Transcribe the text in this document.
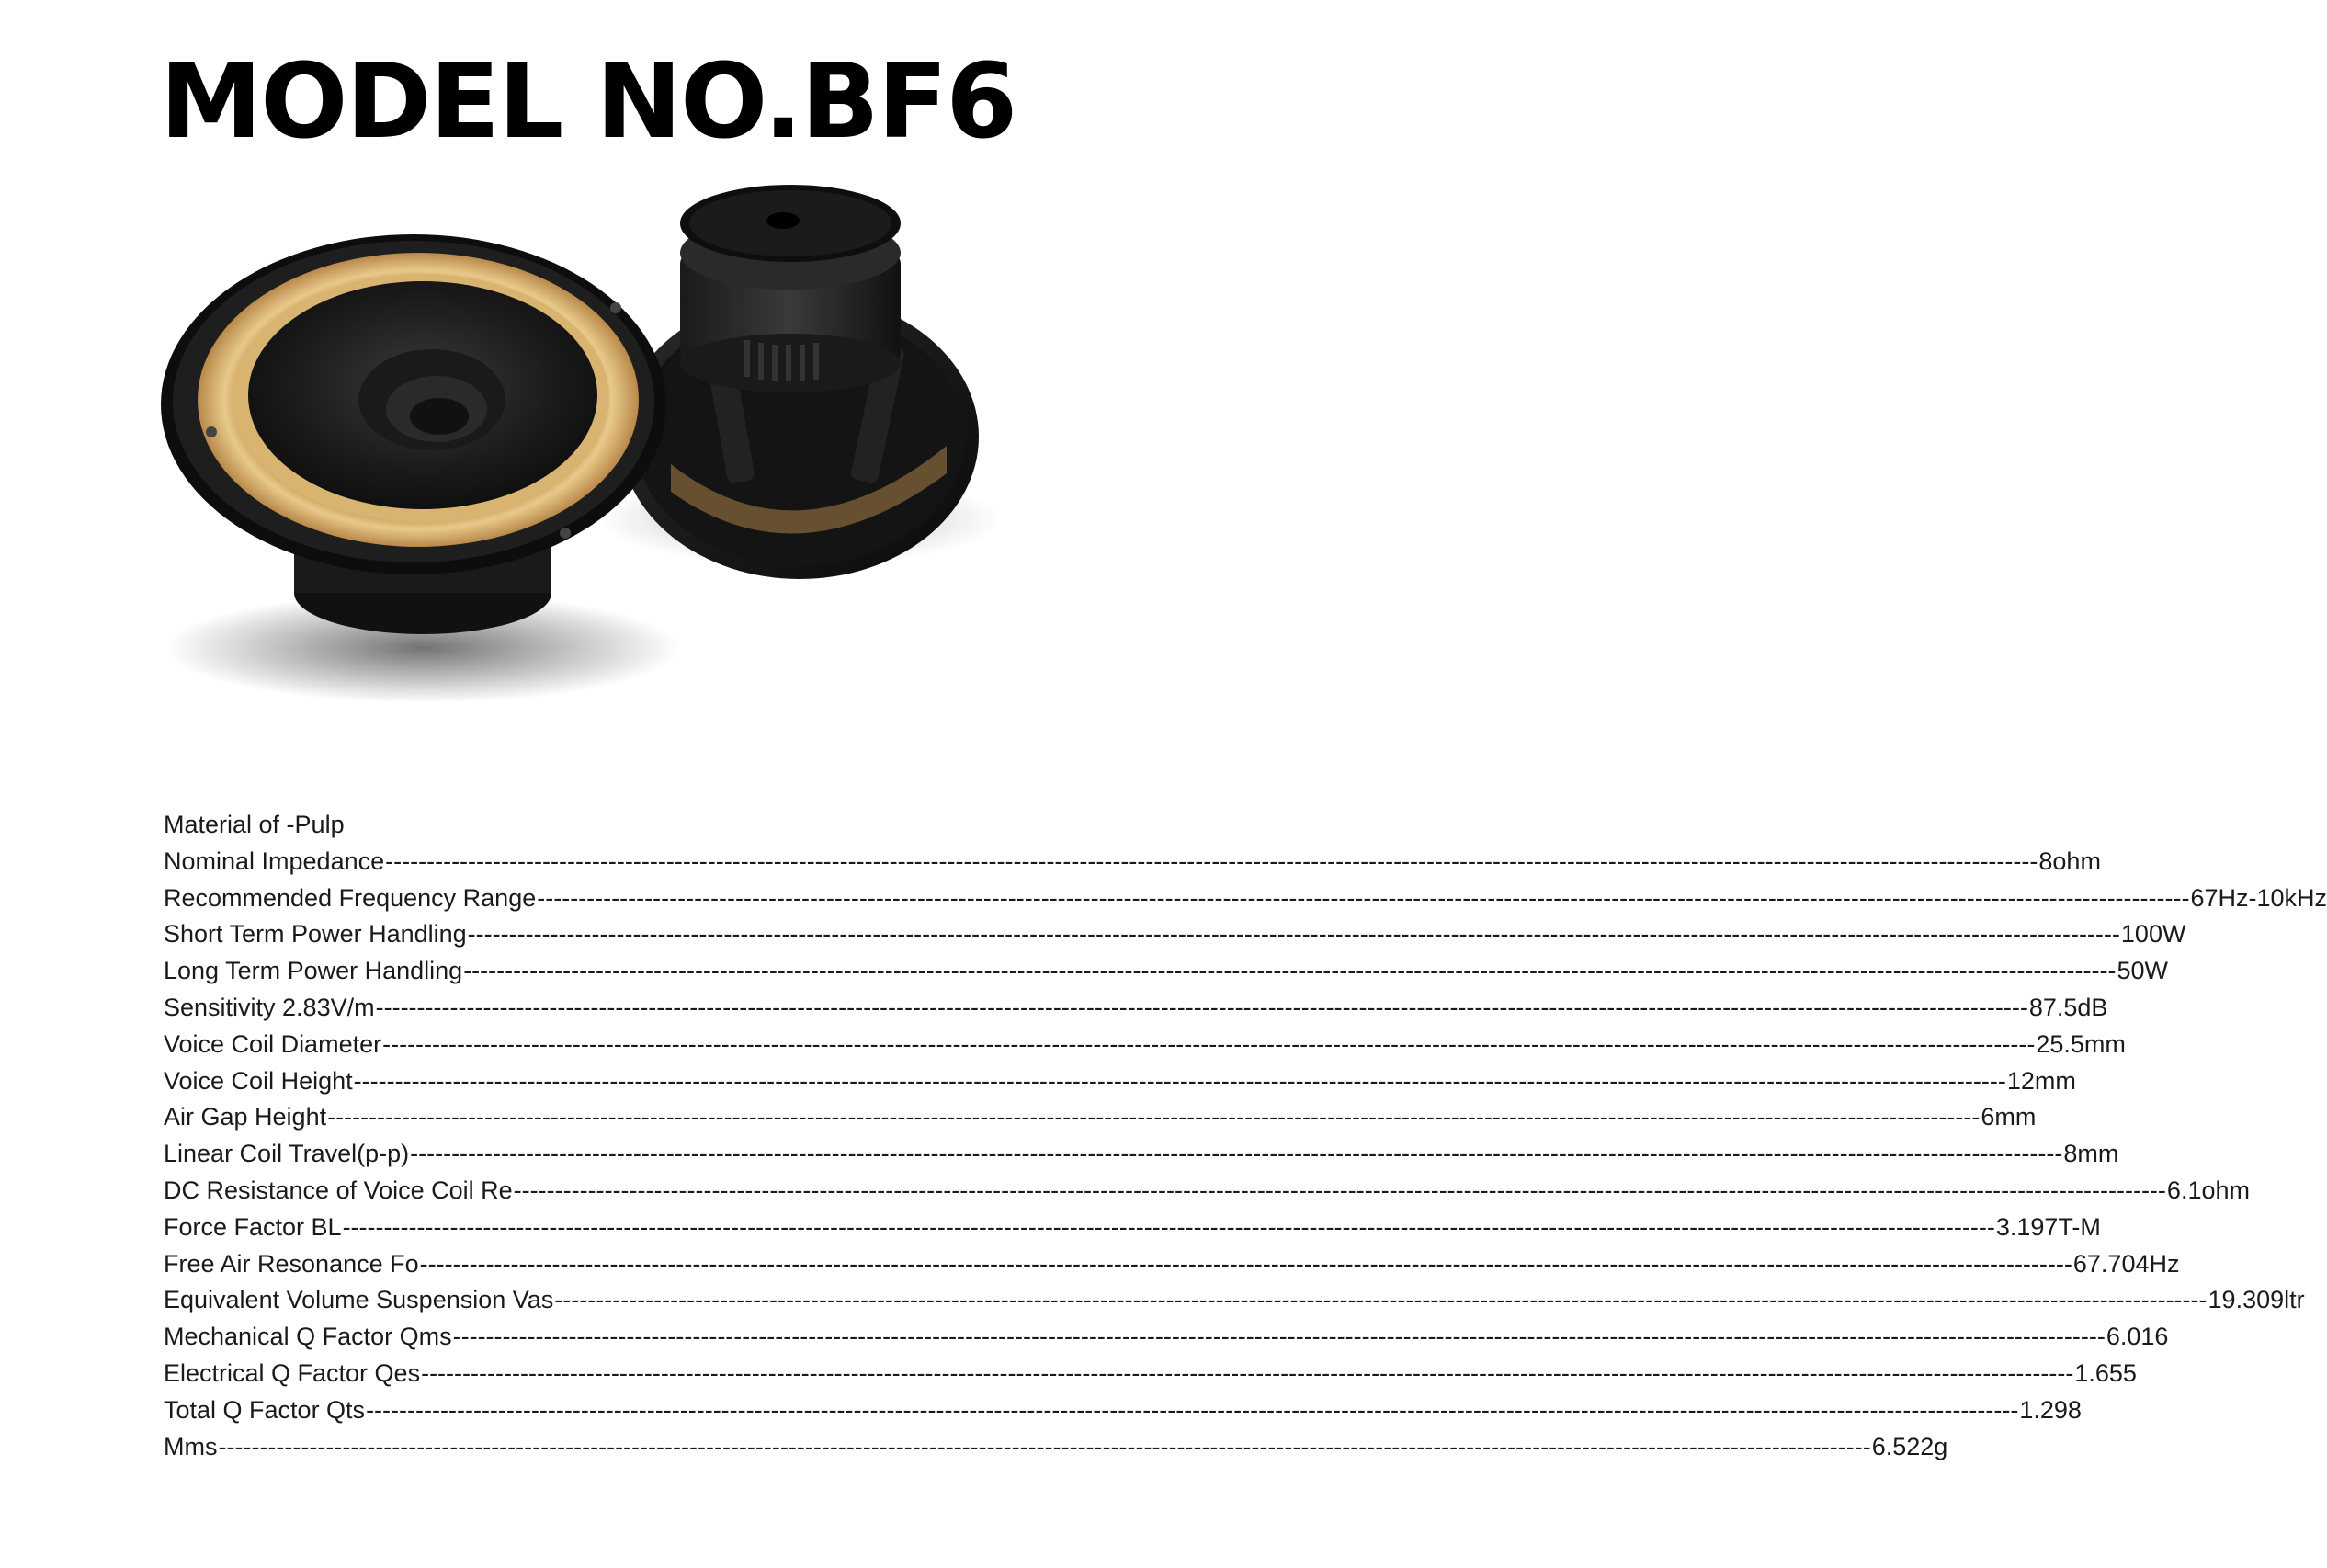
MODEL NO.BF6
Material of -Pulp
Nominal Impedance -------------------------------------------------------------------------------------------------------------------------------------------------------------------------------------------------------- 8ohm
Recommended Frequency Range -------------------------------------------------------------------------------------------------------------------------------------------------------------------------------------------------------- 67Hz-10kHz
Short Term Power Handling -------------------------------------------------------------------------------------------------------------------------------------------------------------------------------------------------------- 100W
Long Term Power Handling -------------------------------------------------------------------------------------------------------------------------------------------------------------------------------------------------------- 50W
Sensitivity 2.83V/m -------------------------------------------------------------------------------------------------------------------------------------------------------------------------------------------------------- 87.5dB
Voice Coil Diameter -------------------------------------------------------------------------------------------------------------------------------------------------------------------------------------------------------- 25.5mm
Voice Coil Height -------------------------------------------------------------------------------------------------------------------------------------------------------------------------------------------------------- 12mm
Air Gap Height -------------------------------------------------------------------------------------------------------------------------------------------------------------------------------------------------------- 6mm
Linear Coil Travel(p-p) -------------------------------------------------------------------------------------------------------------------------------------------------------------------------------------------------------- 8mm
DC Resistance of Voice Coil Re -------------------------------------------------------------------------------------------------------------------------------------------------------------------------------------------------------- 6.1ohm
Force Factor BL -------------------------------------------------------------------------------------------------------------------------------------------------------------------------------------------------------- 3.197T-M
Free Air Resonance Fo -------------------------------------------------------------------------------------------------------------------------------------------------------------------------------------------------------- 67.704Hz
Equivalent Volume Suspension Vas -------------------------------------------------------------------------------------------------------------------------------------------------------------------------------------------------------- 19.309ltr
Mechanical Q Factor Qms -------------------------------------------------------------------------------------------------------------------------------------------------------------------------------------------------------- 6.016
Electrical Q Factor Qes -------------------------------------------------------------------------------------------------------------------------------------------------------------------------------------------------------- 1.655
Total Q Factor Qts -------------------------------------------------------------------------------------------------------------------------------------------------------------------------------------------------------- 1.298
Mms -------------------------------------------------------------------------------------------------------------------------------------------------------------------------------------------------------- 6.522g
